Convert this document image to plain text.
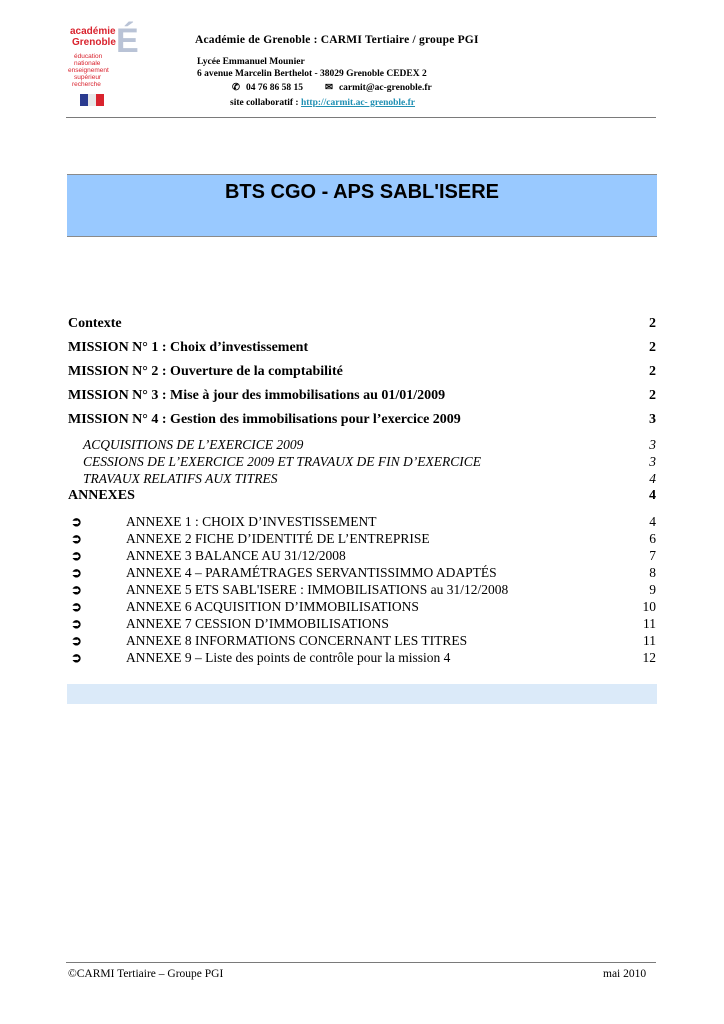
académie
Grenoble É
éducation
nationale
enseignement
supérieur
recherche
Académie de Grenoble : CARMI Tertiaire / groupe PGI
Lycée Emmanuel Mounier
6 avenue Marcelin Berthelot - 38029 Grenoble CEDEX 2
✆ 04 76 86 58 15 ✉ carmit@ac-grenoble.fr
site collaboratif : http://carmit.ac- grenoble.fr
BTS CGO - APS SABL'ISERE
Contexte	2
MISSION N° 1 : Choix d’investissement	2
MISSION N° 2 : Ouverture de la comptabilité	2
MISSION N° 3 : Mise à jour des immobilisations au 01/01/2009	2
MISSION N° 4 : Gestion des immobilisations pour l’exercice 2009	3
ACQUISITIONS DE L’EXERCICE 2009	3
CESSIONS DE L’EXERCICE 2009 ET TRAVAUX DE FIN D’EXERCICE	3
TRAVAUX RELATIFS AUX TITRES	4
ANNEXES	4
➲	ANNEXE 1 : CHOIX D’INVESTISSEMENT	4
➲	ANNEXE 2 FICHE D’IDENTITÉ DE L’ENTREPRISE	6
➲	ANNEXE 3 BALANCE AU 31/12/2008	7
➲	ANNEXE 4 – PARAMÉTRAGES SERVANTISSIMMO ADAPTÉS	8
➲	ANNEXE 5 ETS SABL'ISERE : IMMOBILISATIONS au 31/12/2008	9
➲	ANNEXE 6 ACQUISITION D’IMMOBILISATIONS	10
➲	ANNEXE 7 CESSION D’IMMOBILISATIONS	11
➲	ANNEXE 8 INFORMATIONS CONCERNANT LES TITRES	11
➲	ANNEXE 9 – Liste des points de contrôle pour la mission 4	12
©CARMI Tertiaire – Groupe PGI	mai 2010
